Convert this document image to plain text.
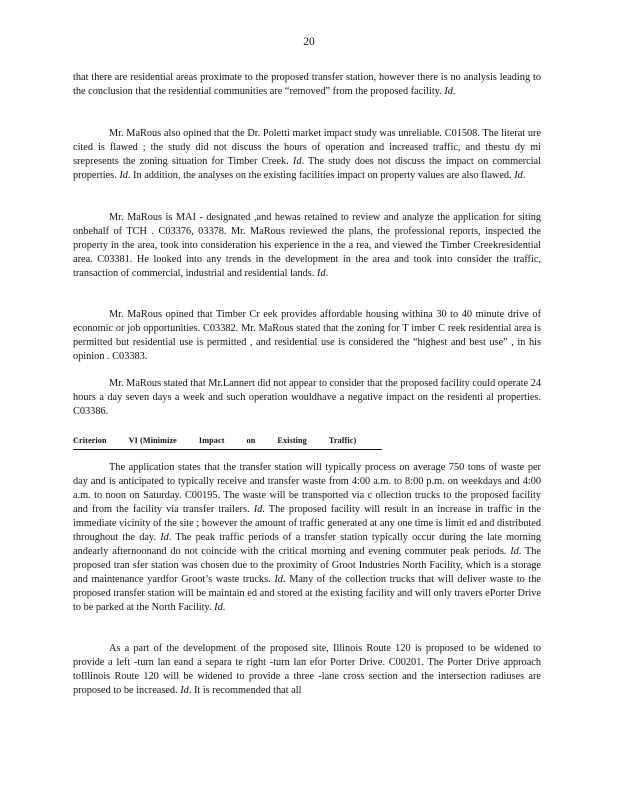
20

that there are residential areas proximate to the proposed transfer station, however there is no analysis leading to the conclusion that the residential communities are “removed” from the proposed facility. Id.

Mr. MaRous also opined that the Dr. Poletti market impact study was unreliable. C01508. The literat ure cited is flawed ; the study did not discuss the hours of operation and increased traffic, and thestu dy mi srepresents the zoning situation for Timber Creek. Id. The study does not discuss the impact on commercial properties. Id. In addition, the analyses on the existing facilities impact on property values are also flawed. Id.

Mr. MaRous is MAI - designated ,and hewas retained to review and analyze the application for siting onbehalf of TCH . C03376, 03378. Mr. MaRous reviewed the plans, the professional reports, inspected the property in the area, took into consideration his experience in the a rea, and viewed the Timber Creekresidential area. C03381. He looked into any trends in the development in the area and took into consider the traffic, transaction of commercial, industrial and residential lands. Id.

Mr. MaRous opined that Timber Cr eek provides affordable housing withina 30 to 40 minute drive of economic or job opportunities. C03382. Mr. MaRous stated that the zoning for T imber C reek residential area is permitted but residential use is permitted , and residential use is considered the “highest and best use” , in his opinion . C03383.

Mr. MaRous stated that Mr.Lannert did not appear to consider that the proposed facility could operate 24 hours a day seven days a week and such operation wouldhave a negative impact on the residenti al properties. C03386.

Criterion	VI (Minimize	Impact	on	Existing	Traffic)

The application states that the transfer station will typically process on average 750 tons of waste per day and is anticipated to typically receive and transfer waste from 4:00 a.m. to 8:00 p.m. on weekdays and 4:00 a.m. to noon on Saturday. C00195. The waste will be transported via c ollection trucks to the proposed facility and from the facility via transfer trailers. Id. The proposed facility will result in an increase in traffic in the immediate vicinity of the site ; however the amount of traffic generated at any one time is limit ed and distributed throughout the day. Id. The peak traffic periods of a transfer station typically occur during the late morning andearly afternoonand do not coincide with the critical morning and evening commuter peak periods. Id. The proposed tran sfer station was chosen due to the proximity of Groot Industries North Facility, which is a storage and maintenance yardfor Groot’s waste trucks. Id. Many of the collection trucks that will deliver waste to the proposed transfer station will be maintain ed and stored at the existing facility and will only travers ePorter Drive to be parked at the North Facility. Id.

As a part of the development of the proposed site, Illinois Route 120 is proposed to be widened to provide a left -turn lan eand a separa te right -turn lan efor Porter Drive. C00201. The Porter Drive approach toIllinois Route 120 will be widened to provide a three -lane cross section and the intersection radiuses are proposed to be increased. Id. It is recommended that all
